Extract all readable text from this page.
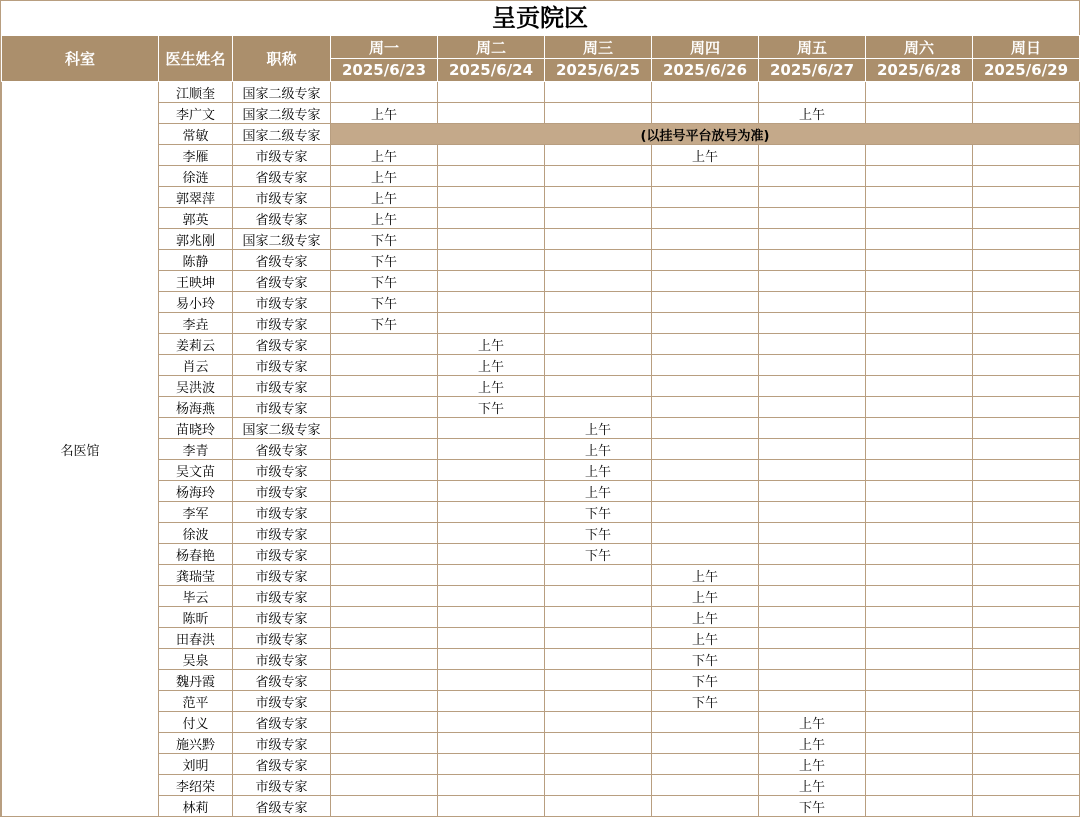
呈贡院区
科室	医生姓名	职称	周一	周二	周三	周四	周五	周六	周日
			2025/6/23	2025/6/24	2025/6/25	2025/6/26	2025/6/27	2025/6/28	2025/6/29
名医馆	江顺奎	国家二级专家							
	李广文	国家二级专家	上午				上午		
	常敏	国家二级专家	(以挂号平台放号为准)						
	李雁	市级专家	上午			上午			
	徐涟	省级专家	上午						
	郭翠萍	市级专家	上午						
	郭英	省级专家	上午						
	郭兆刚	国家二级专家	下午						
	陈静	省级专家	下午						
	王映坤	省级专家	下午						
	易小玲	市级专家	下午						
	李垚	市级专家	下午						
	姜莉云	省级专家		上午					
	肖云	市级专家		上午					
	吴洪波	市级专家		上午					
	杨海燕	市级专家		下午					
	苗晓玲	国家二级专家			上午				
	李青	省级专家			上午				
	吴文苗	市级专家			上午				
	杨海玲	市级专家			上午				
	李军	市级专家			下午				
	徐波	市级专家			下午				
	杨春艳	市级专家			下午				
	龚瑞莹	市级专家				上午			
	毕云	市级专家				上午			
	陈昕	市级专家				上午			
	田春洪	市级专家				上午			
	吴泉	市级专家				下午			
	魏丹霞	省级专家				下午			
	范平	市级专家				下午			
	付义	省级专家					上午		
	施兴黔	市级专家					上午		
	刘明	省级专家					上午		
	李绍荣	市级专家					上午		
	林莉	省级专家					下午		
